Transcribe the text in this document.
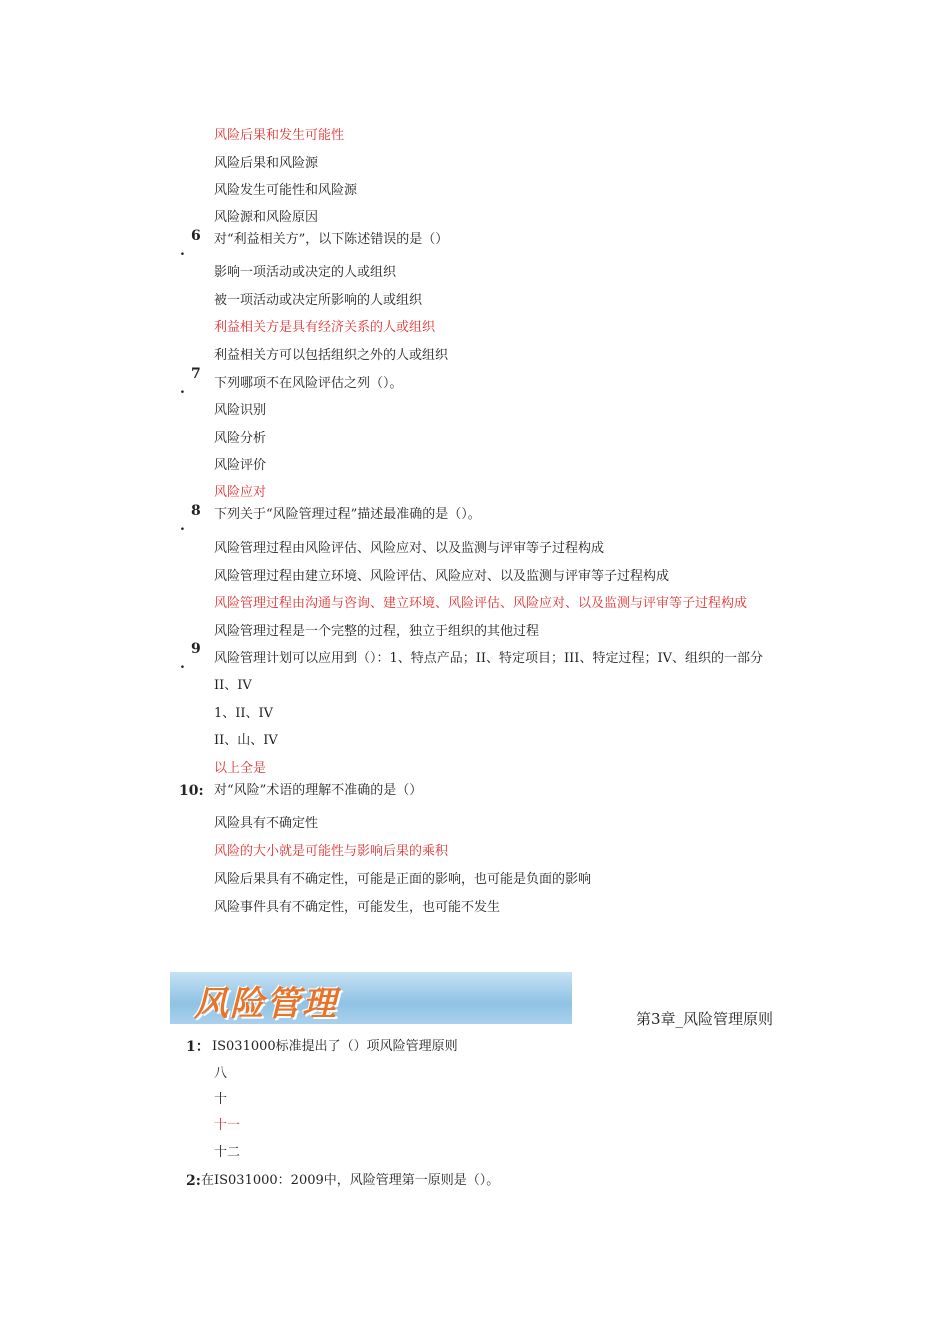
风险后果和发生可能性
风险后果和风险源
风险发生可能性和风险源
风险源和风险原因
6
.
对“利益相关方”，以下陈述错误的是（）
影响一项活动或决定的人或组织
被一项活动或决定所影响的人或组织
利益相关方是具有经济关系的人或组织
利益相关方可以包括组织之外的人或组织
7
. 下列哪项不在风险评估之列（）。
风险识别
风险分析
风险评价
风险应对
8
.
下列关于“风险管理过程”描述最准确的是（）。
风险管理过程由风险评估、风险应对、以及监测与评审等子过程构成
风险管理过程由建立环境、风险评估、风险应对、以及监测与评审等子过程构成
风险管理过程由沟通与咨询、建立环境、风险评估、风险应对、以及监测与评审等子过程构成
风险管理过程是一个完整的过程，独立于组织的其他过程
9
. 风险管理计划可以应用到（）：1、特点产品；II、特定项目；III、特定过程；IV、组织的一部分
II、IV
1、II、IV
II、山、IV
以上全是
10: 对“风险”术语的理解不准确的是（）
风险具有不确定性
风险的大小就是可能性与影响后果的乘积
风险后果具有不确定性，可能是正面的影响，也可能是负面的影响
风险事件具有不确定性，可能发生，也可能不发生
风险管理	第3章_风险管理原则
1： IS031000标准提出了（）项风险管理原则
八
十
十一
十二
2: 在IS031000：2009中，风险管理第一原则是（）。
